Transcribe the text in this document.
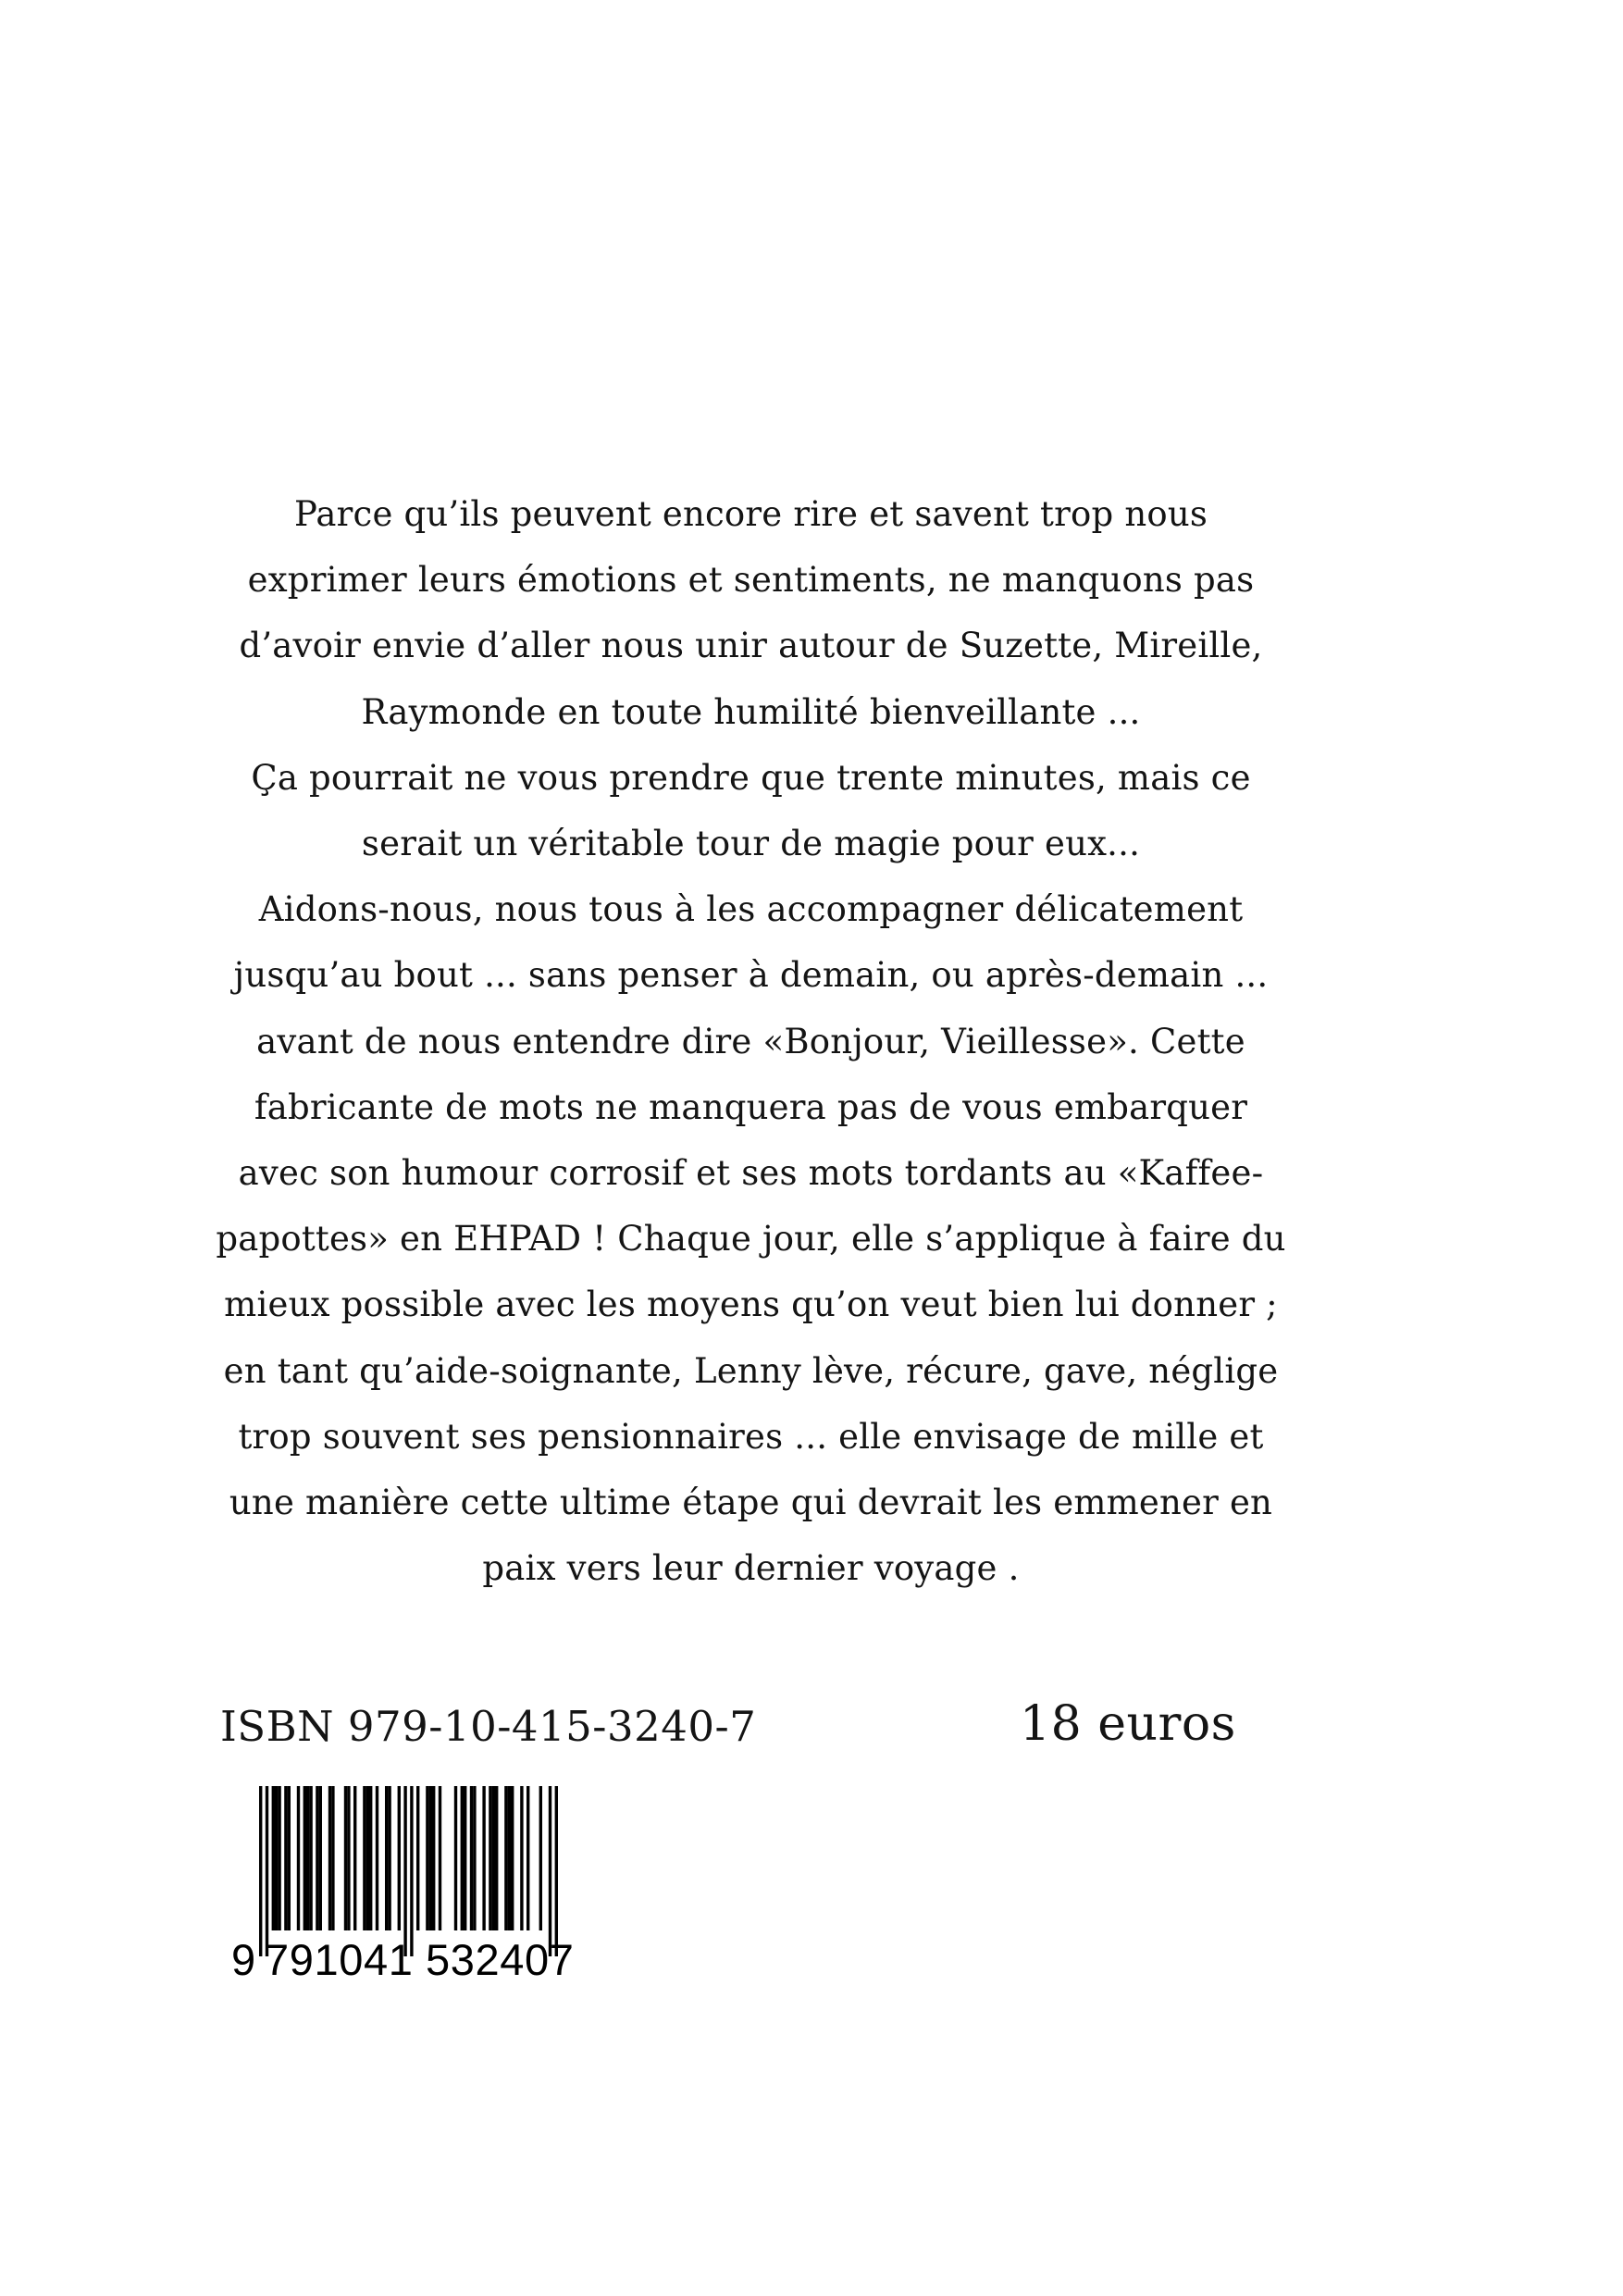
Parce qu’ils peuvent encore rire et savent trop nous
exprimer leurs émotions et sentiments, ne manquons pas
d’avoir envie d’aller nous unir autour de Suzette, Mireille,
Raymonde en toute humilité bienveillante ...
Ça pourrait ne vous prendre que trente minutes, mais ce
serait un véritable tour de magie pour eux...
Aidons-nous, nous tous à les accompagner délicatement
jusqu’au bout ... sans penser à demain, ou après-demain ...
avant de nous entendre dire «Bonjour, Vieillesse». Cette
fabricante de mots ne manquera pas de vous embarquer
avec son humour corrosif et ses mots tordants au «Kaffee-
papottes» en EHPAD ! Chaque jour, elle s’applique à faire du
mieux possible avec les moyens qu’on veut bien lui donner ;
en tant qu’aide-soignante, Lenny lève, récure, gave, néglige
trop souvent ses pensionnaires ... elle envisage de mille et
une manière cette ultime étape qui devrait les emmener en
paix vers leur dernier voyage .
ISBN 979-10-415-3240-7	18 euros
9 791041 532407
